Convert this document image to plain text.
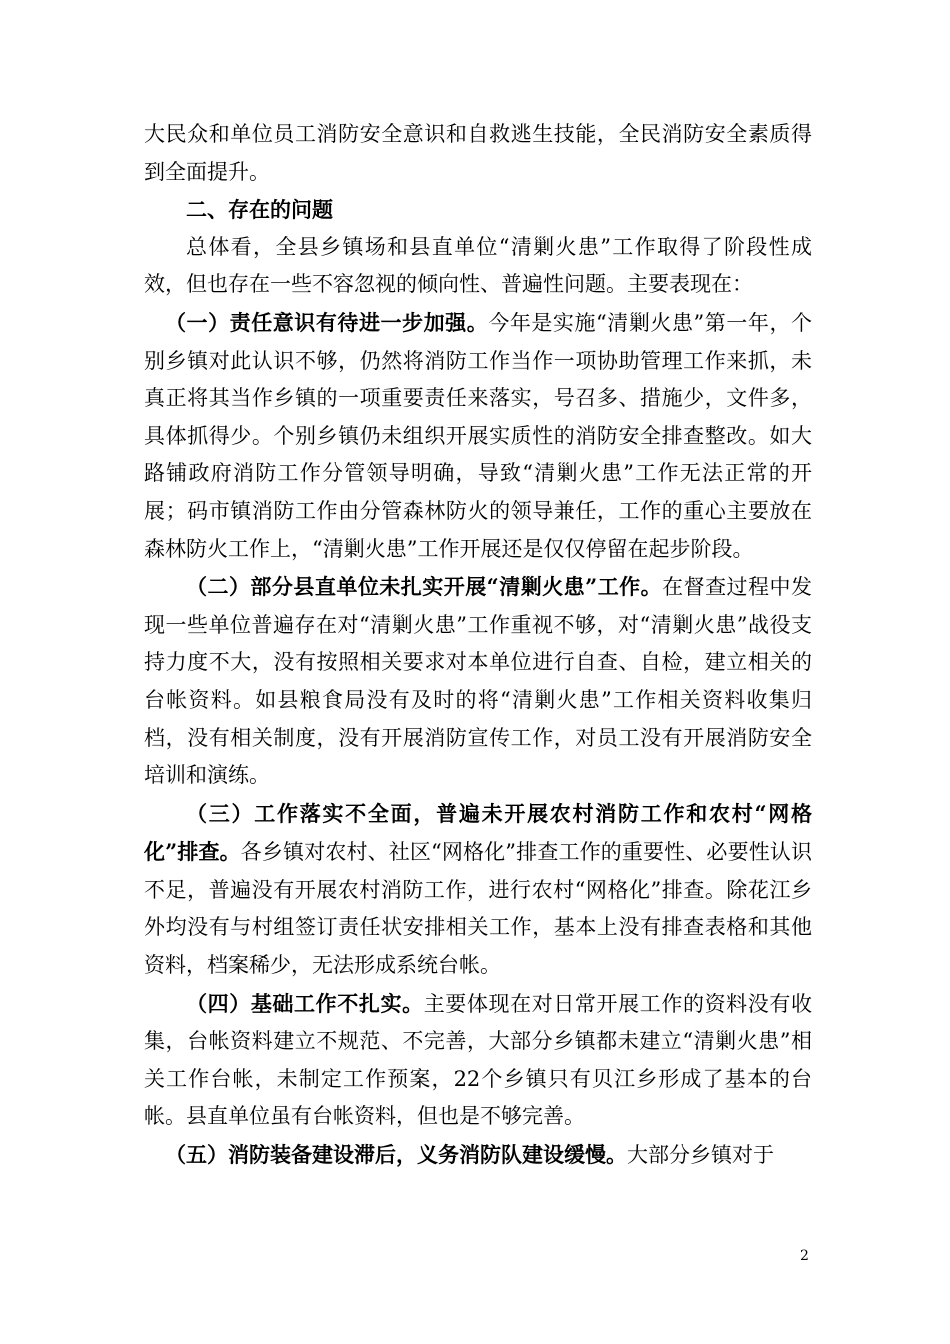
大民众和单位员工消防安全意识和自救逃生技能，全民消防安全素质得到全面提升。

二、存在的问题

总体看，全县乡镇场和县直单位“清剿火患”工作取得了阶段性成效，但也存在一些不容忽视的倾向性、普遍性问题。主要表现在：

（一）责任意识有待进一步加强。今年是实施“清剿火患”第一年，个别乡镇对此认识不够，仍然将消防工作当作一项协助管理工作来抓，未真正将其当作乡镇的一项重要责任来落实，号召多、措施少，文件多，具体抓得少。个别乡镇仍未组织开展实质性的消防安全排查整改。如大路铺政府消防工作分管领导明确，导致“清剿火患”工作无法正常的开展；码市镇消防工作由分管森林防火的领导兼任，工作的重心主要放在森林防火工作上，“清剿火患”工作开展还是仅仅停留在起步阶段。

（二）部分县直单位未扎实开展“清剿火患”工作。在督查过程中发现一些单位普遍存在对“清剿火患”工作重视不够，对“清剿火患”战役支持力度不大，没有按照相关要求对本单位进行自查、自检，建立相关的台帐资料。如县粮食局没有及时的将“清剿火患”工作相关资料收集归档，没有相关制度，没有开展消防宣传工作，对员工没有开展消防安全培训和演练。

（三）工作落实不全面，普遍未开展农村消防工作和农村“网格化”排查。各乡镇对农村、社区“网格化”排查工作的重要性、必要性认识不足，普遍没有开展农村消防工作，进行农村“网格化”排查。除花江乡外均没有与村组签订责任状安排相关工作，基本上没有排查表格和其他资料，档案稀少，无法形成系统台帐。

（四）基础工作不扎实。主要体现在对日常开展工作的资料没有收集，台帐资料建立不规范、不完善，大部分乡镇都未建立“清剿火患”相关工作台帐，未制定工作预案，22个乡镇只有贝江乡形成了基本的台帐。县直单位虽有台帐资料，但也是不够完善。

（五）消防装备建设滞后，义务消防队建设缓慢。大部分乡镇对于

2
